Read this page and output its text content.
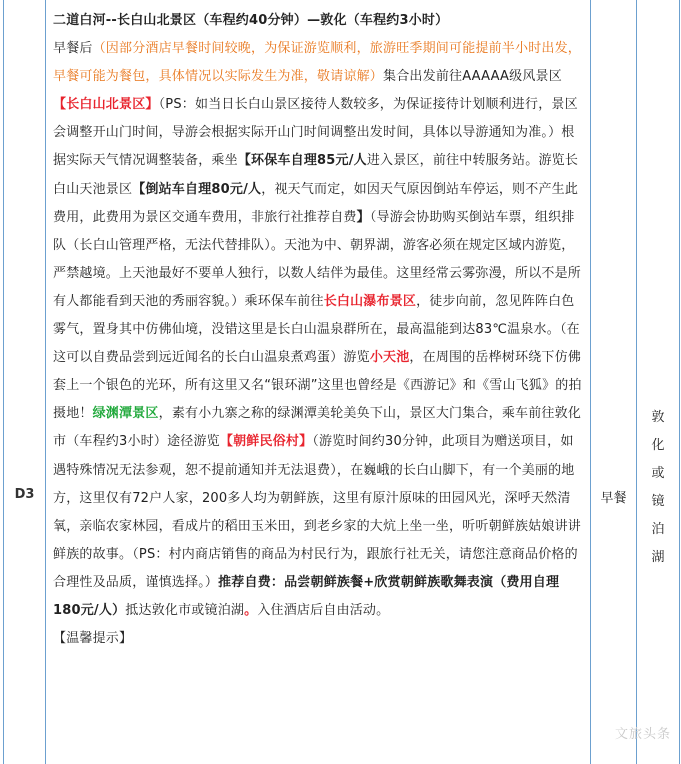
D3

二道白河--长白山北景区（车程约40分钟）—敦化（车程约3小时）

早餐后（因部分酒店早餐时间较晚，为保证游览顺利，旅游旺季期间可能提前半小时出发，早餐可能为餐包，具体情况以实际发生为准，敬请谅解）集合出发前往AAAAA级风景区【长白山北景区】（PS：如当日长白山景区接待人数较多，为保证接待计划顺利进行，景区会调整开山门时间，导游会根据实际开山门时间调整出发时间，具体以导游通知为准。）根据实际天气情况调整装备，乘坐【环保车自理85元/人进入景区，前往中转服务站。游览长白山天池景区【倒站车自理80元/人，视天气而定，如因天气原因倒站车停运，则不产生此费用，此费用为景区交通车费用，非旅行社推荐自费】（导游会协助购买倒站车票，组织排队（长白山管理严格，无法代替排队）。天池为中、朝界湖，游客必须在规定区域内游览，严禁越境。上天池最好不要单人独行，以数人结伴为最佳。这里经常云雾弥漫，所以不是所有人都能看到天池的秀丽容貌。）乘环保车前往长白山瀑布景区，徒步向前，忽见阵阵白色雾气，置身其中仿佛仙境，没错这里是长白山温泉群所在，最高温能到达83℃温泉水。（在这可以自费品尝到远近闻名的长白山温泉煮鸡蛋）游览小天池，在周围的岳桦树环绕下仿佛套上一个银色的光环，所有这里又名“银环湖”这里也曾经是《西游记》和《雪山飞狐》的拍摄地！绿渊潭景区，素有小九寨之称的绿渊潭美轮美奂下山，景区大门集合，乘车前往敦化市（车程约3小时）途径游览【朝鲜民俗村】（游览时间约30分钟，此项目为赠送项目，如遇特殊情况无法参观，恕不提前通知并无法退费），在巍峨的长白山脚下，有一个美丽的地方，这里仅有72户人家，200多人均为朝鲜族，这里有原汁原味的田园风光，深呼天然清氧，亲临农家林园，看成片的稻田玉米田，到老乡家的大炕上坐一坐，听听朝鲜族姑娘讲讲鲜族的故事。（PS：村内商店销售的商品为村民行为，跟旅行社无关，请您注意商品价格的合理性及品质，谨慎选择。）推荐自费：品尝朝鲜族餐+欣赏朝鲜族歌舞表演（费用自理180元/人）抵达敦化市或镜泊湖。入住酒店后自由活动。

【温馨提示】

早餐
敦
化
或
镜
泊
湖
文旅头条
